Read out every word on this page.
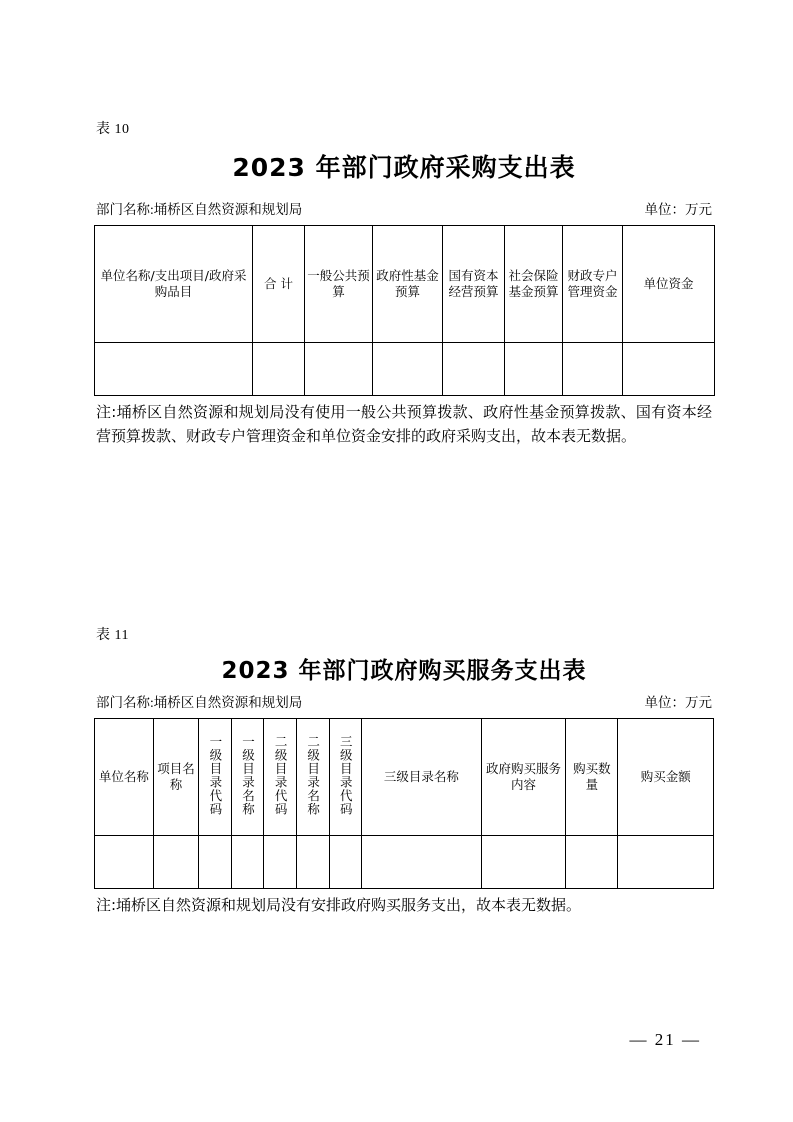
表 10
2023 年部门政府采购支出表
部门名称:埇桥区自然资源和规划局	单位：万元
单位名称/支出项目/政府采购品目	合 计	一般公共预算	政府性基金预算	国有资本经营预算	社会保险基金预算	财政专户管理资金	单位资金

注:埇桥区自然资源和规划局没有使用一般公共预算拨款、政府性基金预算拨款、国有资本经营预算拨款、财政专户管理资金和单位资金安排的政府采购支出，故本表无数据。
表 11
2023 年部门政府购买服务支出表
部门名称:埇桥区自然资源和规划局	单位：万元
单位名称	项目名称	一级目录代码	一级目录名称	二级目录代码	二级目录名称	三级目录代码	三级目录名称	政府购买服务内容	购买数量	购买金额

注:埇桥区自然资源和规划局没有安排政府购买服务支出，故本表无数据。
— 21 —
